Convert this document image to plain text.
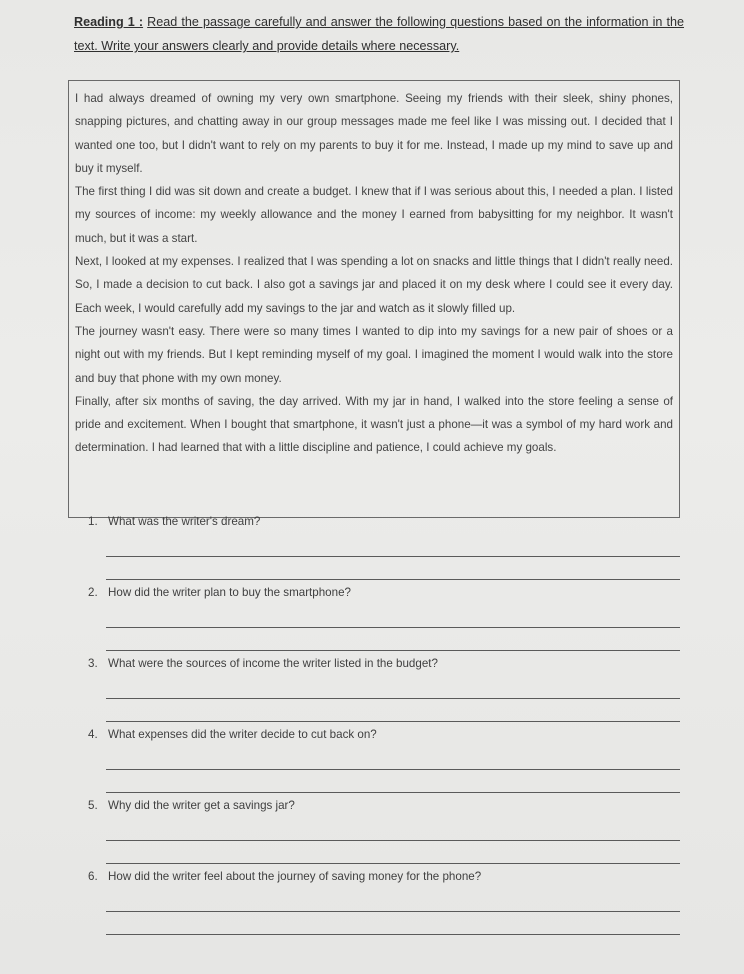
Reading 1 : Read the passage carefully and answer the following questions based on the information in the text. Write your answers clearly and provide details where necessary.

I had always dreamed of owning my very own smartphone. Seeing my friends with their sleek, shiny phones, snapping pictures, and chatting away in our group messages made me feel like I was missing out. I decided that I wanted one too, but I didn't want to rely on my parents to buy it for me. Instead, I made up my mind to save up and buy it myself.

The first thing I did was sit down and create a budget. I knew that if I was serious about this, I needed a plan. I listed my sources of income: my weekly allowance and the money I earned from babysitting for my neighbor. It wasn't much, but it was a start.

Next, I looked at my expenses. I realized that I was spending a lot on snacks and little things that I didn't really need. So, I made a decision to cut back. I also got a savings jar and placed it on my desk where I could see it every day. Each week, I would carefully add my savings to the jar and watch as it slowly filled up.

The journey wasn't easy. There were so many times I wanted to dip into my savings for a new pair of shoes or a night out with my friends. But I kept reminding myself of my goal. I imagined the moment I would walk into the store and buy that phone with my own money.

Finally, after six months of saving, the day arrived. With my jar in hand, I walked into the store feeling a sense of pride and excitement. When I bought that smartphone, it wasn't just a phone—it was a symbol of my hard work and determination. I had learned that with a little discipline and patience, I could achieve my goals.

1. What was the writer's dream?
2. How did the writer plan to buy the smartphone?
3. What were the sources of income the writer listed in the budget?
4. What expenses did the writer decide to cut back on?
5. Why did the writer get a savings jar?
6. How did the writer feel about the journey of saving money for the phone?
